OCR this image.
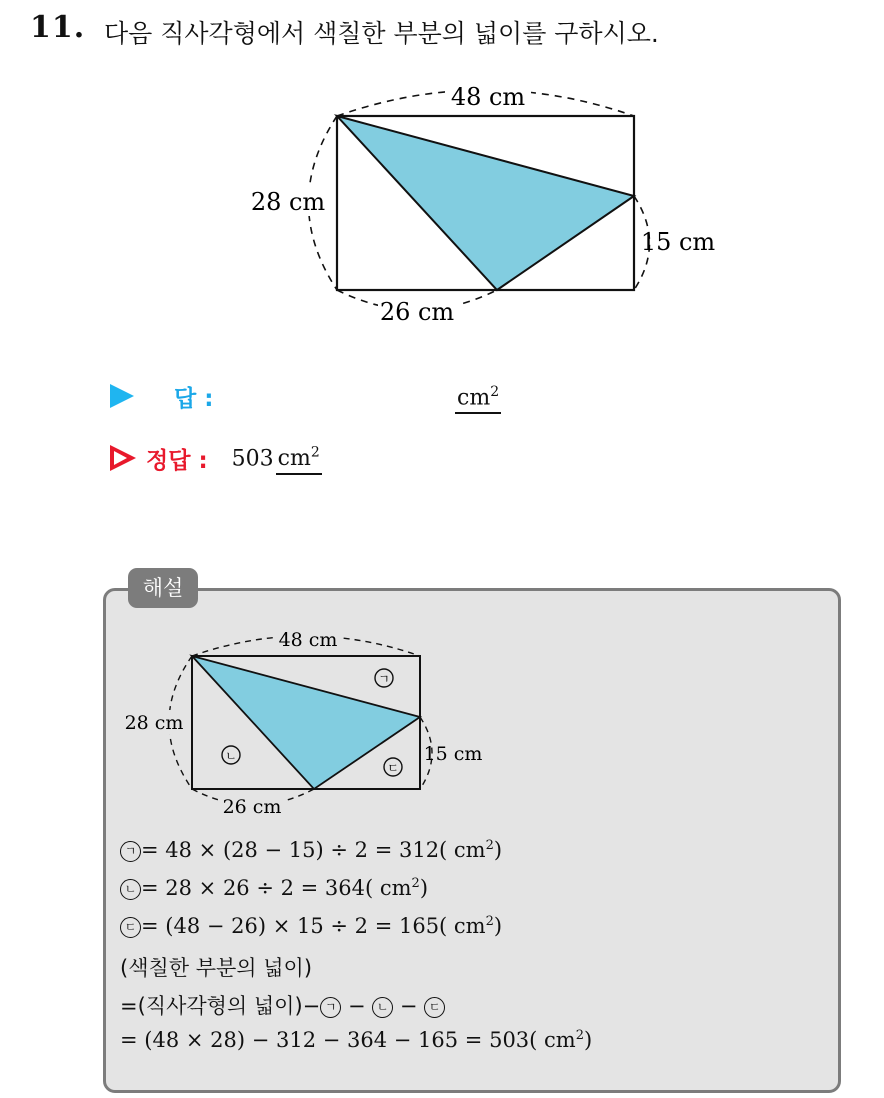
11. 다음 직사각형에서 색칠한 부분의 넓이를 구하시오.
48 cm
28 cm
15 cm
26 cm
답 :	$cm^2$
정답 : 503 $cm^2$
해설
48 cm
28 cm
15 cm
26 cm
ㄱ
ㄴ
ㄷ
ㄱ = 48 × (28 − 15) ÷ 2 = 312( $cm^2$)
ㄴ = 28 × 26 ÷ 2 = 364( $cm^2$)
ㄷ = (48 − 26) × 15 ÷ 2 = 165( $cm^2$)
(색칠한 부분의 넓이)
=(직사각형의 넓이)− ㄱ − ㄴ − ㄷ
= (48 × 28) − 312 − 364 − 165 = 503( $cm^2$)
